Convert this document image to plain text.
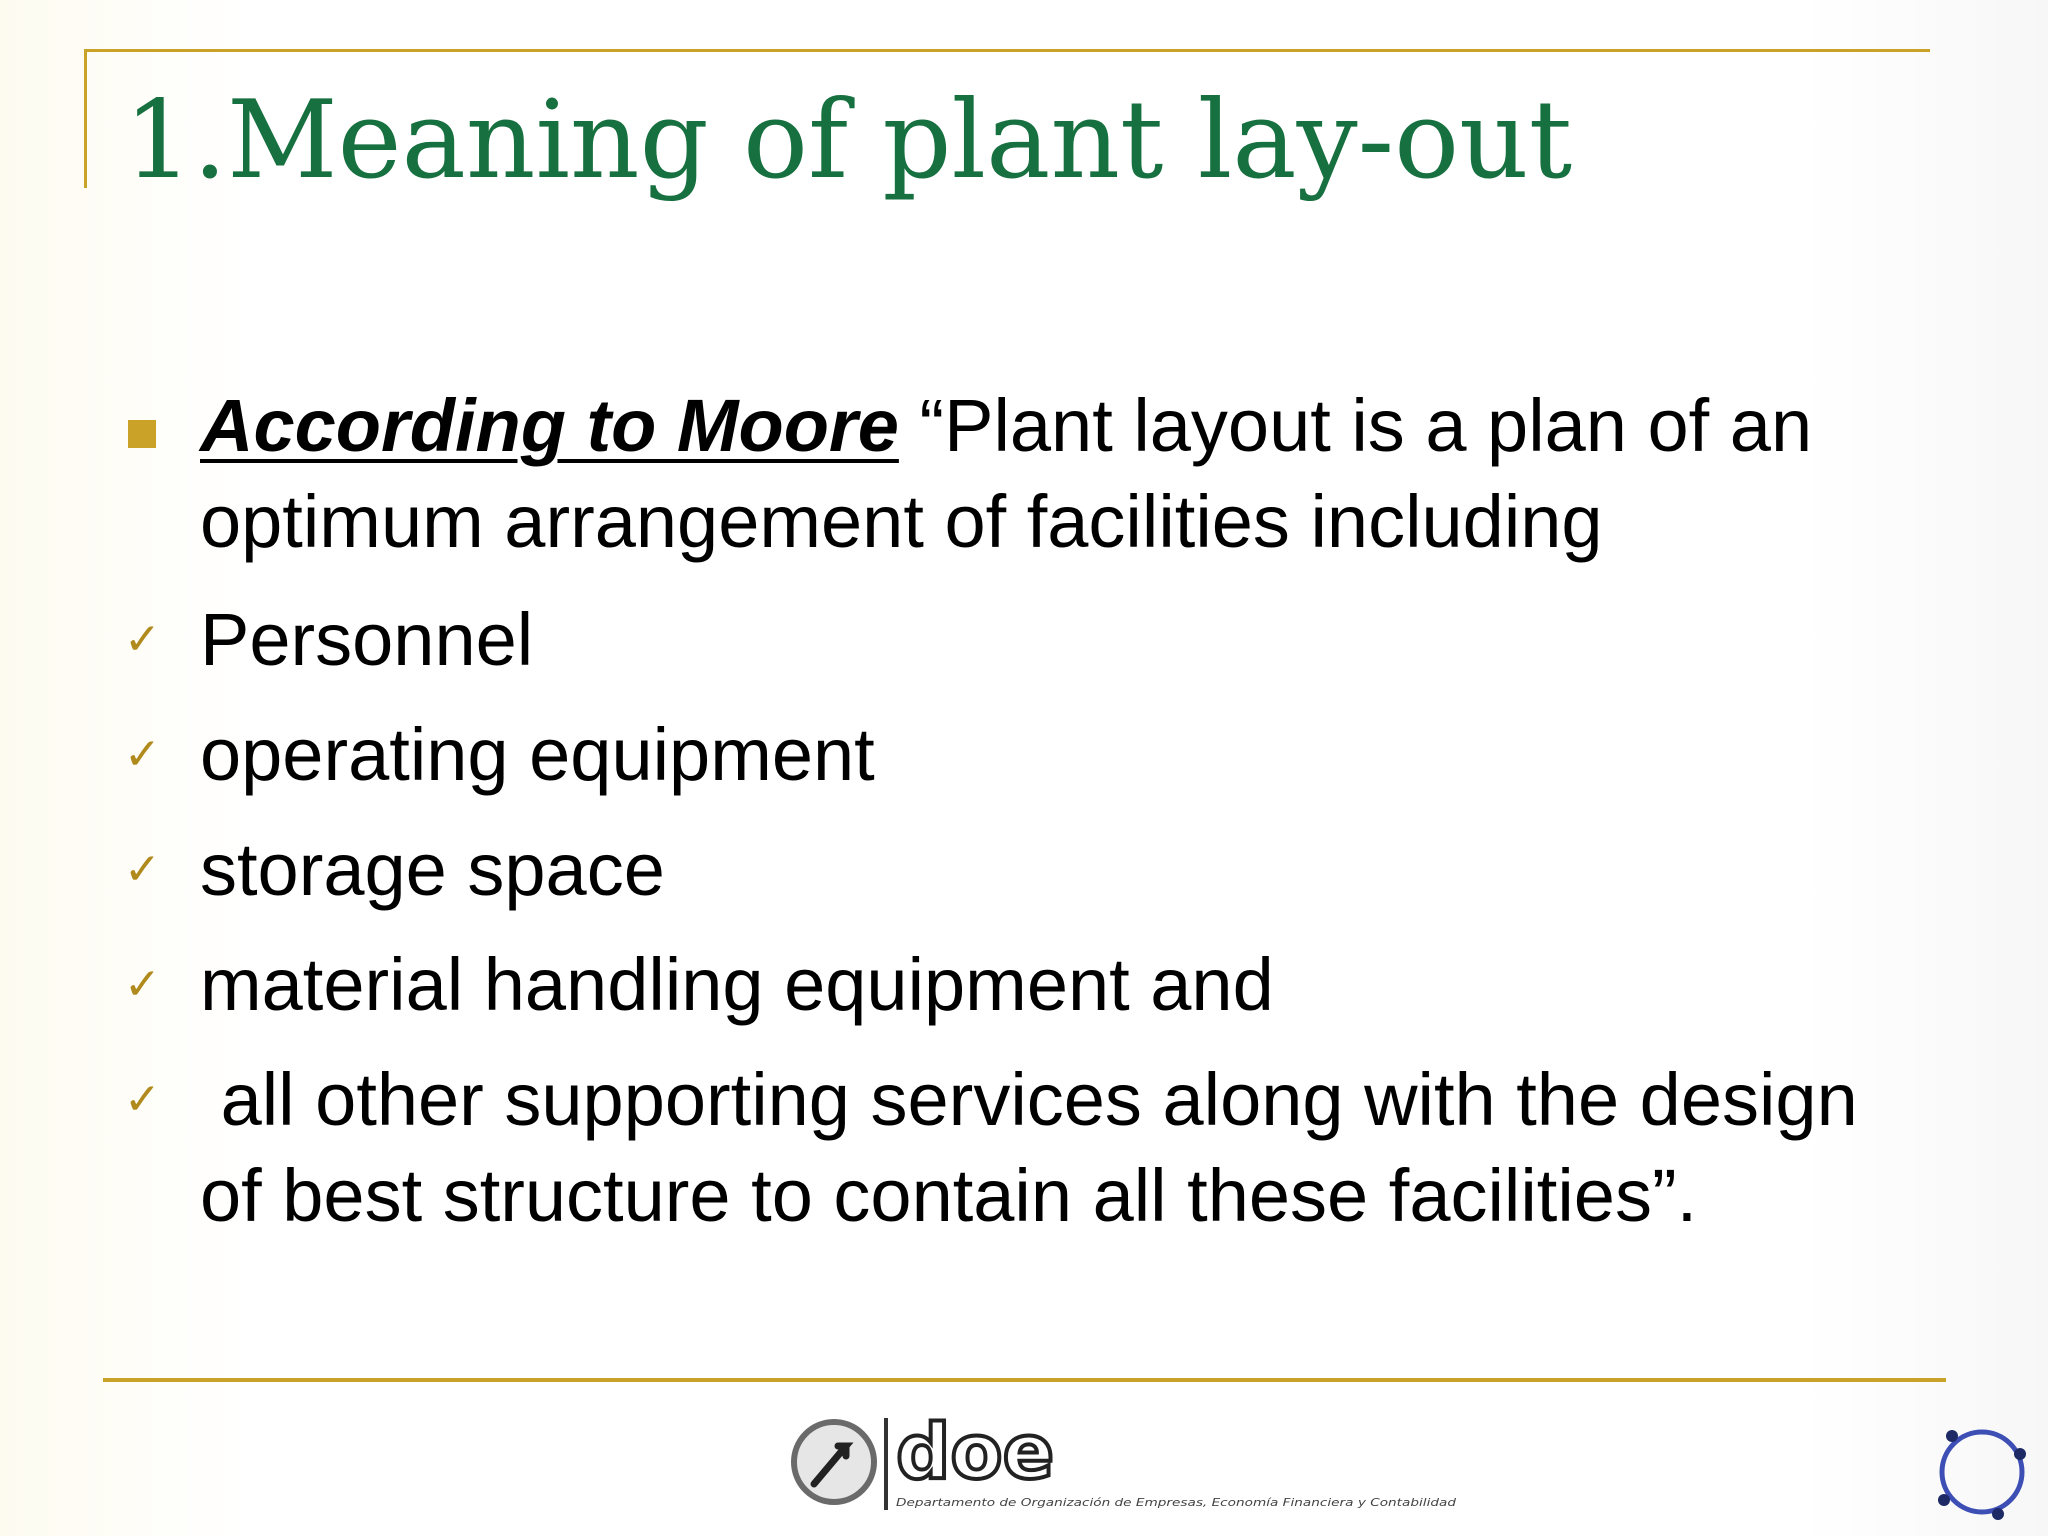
1.Meaning of plant lay-out
According to Moore “Plant layout is a plan of an optimum arrangement of facilities including
✓ Personnel
✓ operating equipment
✓ storage space
✓ material handling equipment and
✓ all other supporting services along with the design of best structure to contain all these facilities”.
doe
Departamento de Organización de Empresas, Economía Financiera y Contabilidad
